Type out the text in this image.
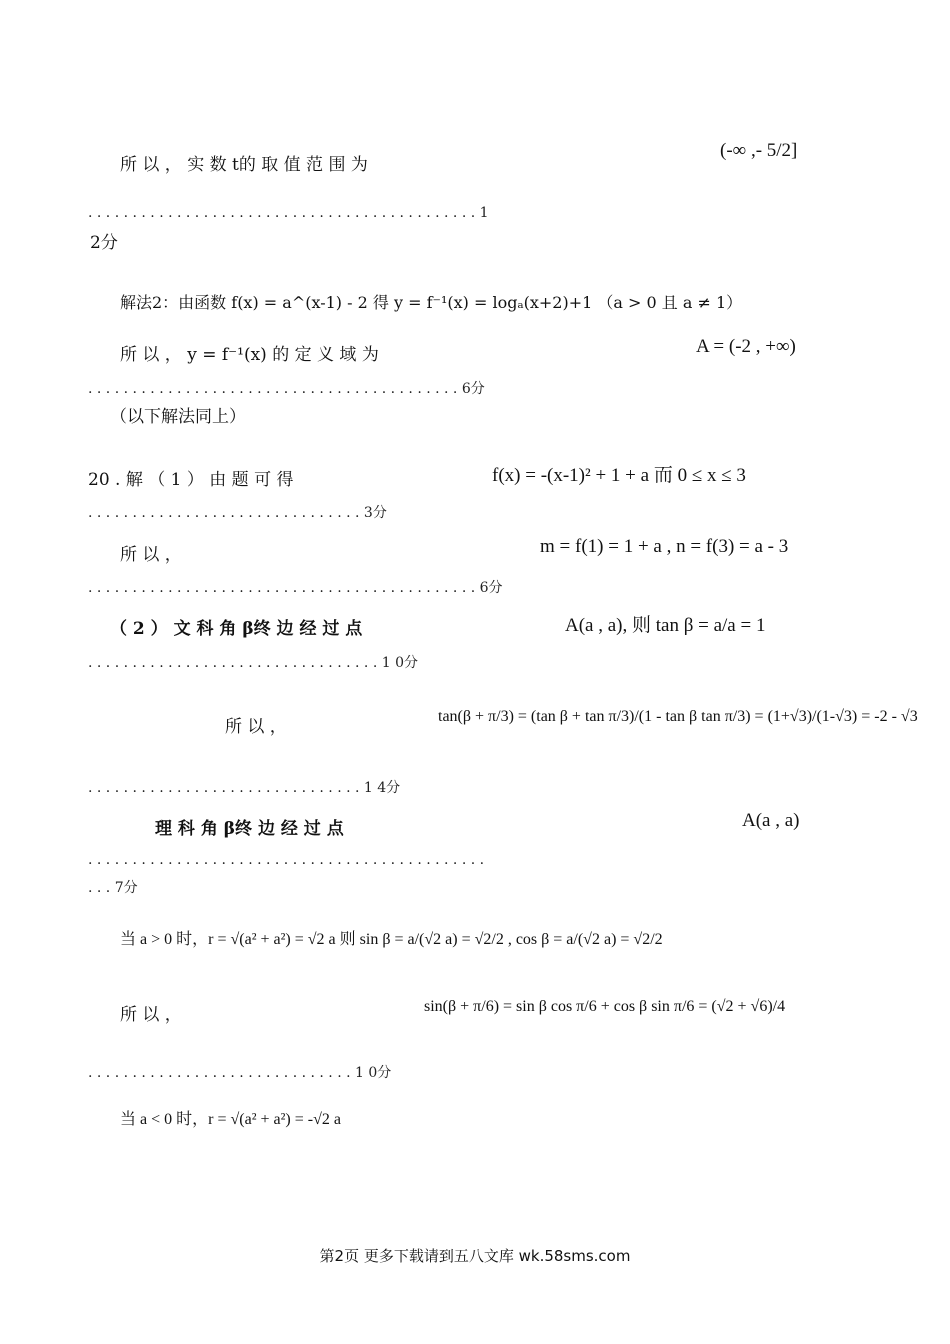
所 以 ， 实 数 t的 取 值 范 围 为
(-∞ ,- 5/2]
. . . . . . . . . . . . . . . . . . . . . . . . . . . . . . . . . . . . . . . . . . . . 1
2分
解法2：由函数 f(x) = a^(x-1) - 2 得 y = f⁻¹(x) = logₐ(x+2)+1 （a > 0 且 a ≠ 1）
所 以 ， y = f⁻¹(x) 的 定 义 域 为	A = (-2 , +∞)
. . . . . . . . . . . . . . . . . . . . . . . . . . . . . . . . . . . . . . . . . . 6分
（以下解法同上）
20 . 解 （ 1 ） 由 题 可 得	f(x) = -(x-1)² + 1 + a 而 0 ≤ x ≤ 3
. . . . . . . . . . . . . . . . . . . . . . . . . . . . . . . 3分
所 以 ，	m = f(1) = 1 + a , n = f(3) = a - 3
. . . . . . . . . . . . . . . . . . . . . . . . . . . . . . . . . . . . . . . . . . . . 6分
（ 2 ） 文 科 角 β终 边 经 过 点	A(a , a), 则 tan β = a/a = 1
. . . . . . . . . . . . . . . . . . . . . . . . . . . . . . . . . 1 0分
所 以 ，
tan(β + π/3) = (tan β + tan π/3)/(1 - tan β tan π/3) = (1+√3)/(1-√3) = -2 - √3
. . . . . . . . . . . . . . . . . . . . . . . . . . . . . . . 1 4分
理 科 角 β终 边 经 过 点	A(a , a)
. . . . . . . . . . . . . . . . . . . . . . . . . . . . . . . . . . . . . . . . . . . . .
. . . 7分
当 a > 0 时，r = √(a² + a²) = √2 a 则 sin β = a/(√2 a) = √2/2 , cos β = a/(√2 a) = √2/2
所 以 ，	sin(β + π/6) = sin β cos π/6 + cos β sin π/6 = (√2 + √6)/4
. . . . . . . . . . . . . . . . . . . . . . . . . . . . . . 1 0分
当 a < 0 时，r = √(a² + a²) = -√2 a
第2页 更多下载请到五八文库 wk.58sms.com
